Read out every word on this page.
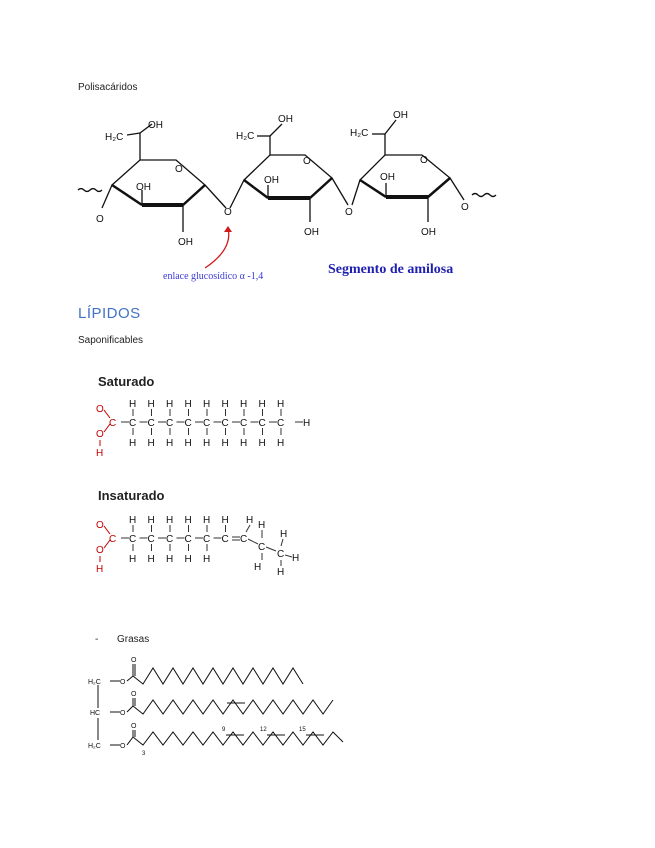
Polisacáridos
H₂C
OH
O
OH
OH
O
H₂C
OH
O
OH
OH
O
H₂C
OH
O
OH
OH
O	O
enlace glucosídico α -1,4	Segmento de amilosa
LÍPIDOS
Saponificables
Saturado
Insaturado
O
O
H
C C
H
H
C
H
H
C
H
H
C
H
H
C
H
H
C
H
H
C
H
H
C
H
H
C
H
H
H
O
O
H
C C
H
H
C
H
H
C
H
H
C
H
H
C
H
H
C
H
C
H
C
H
H
C
H
H
H
- Grasas
H₂C
HC
H₂C
O
O
O
O
O
O
3
9	12	15
